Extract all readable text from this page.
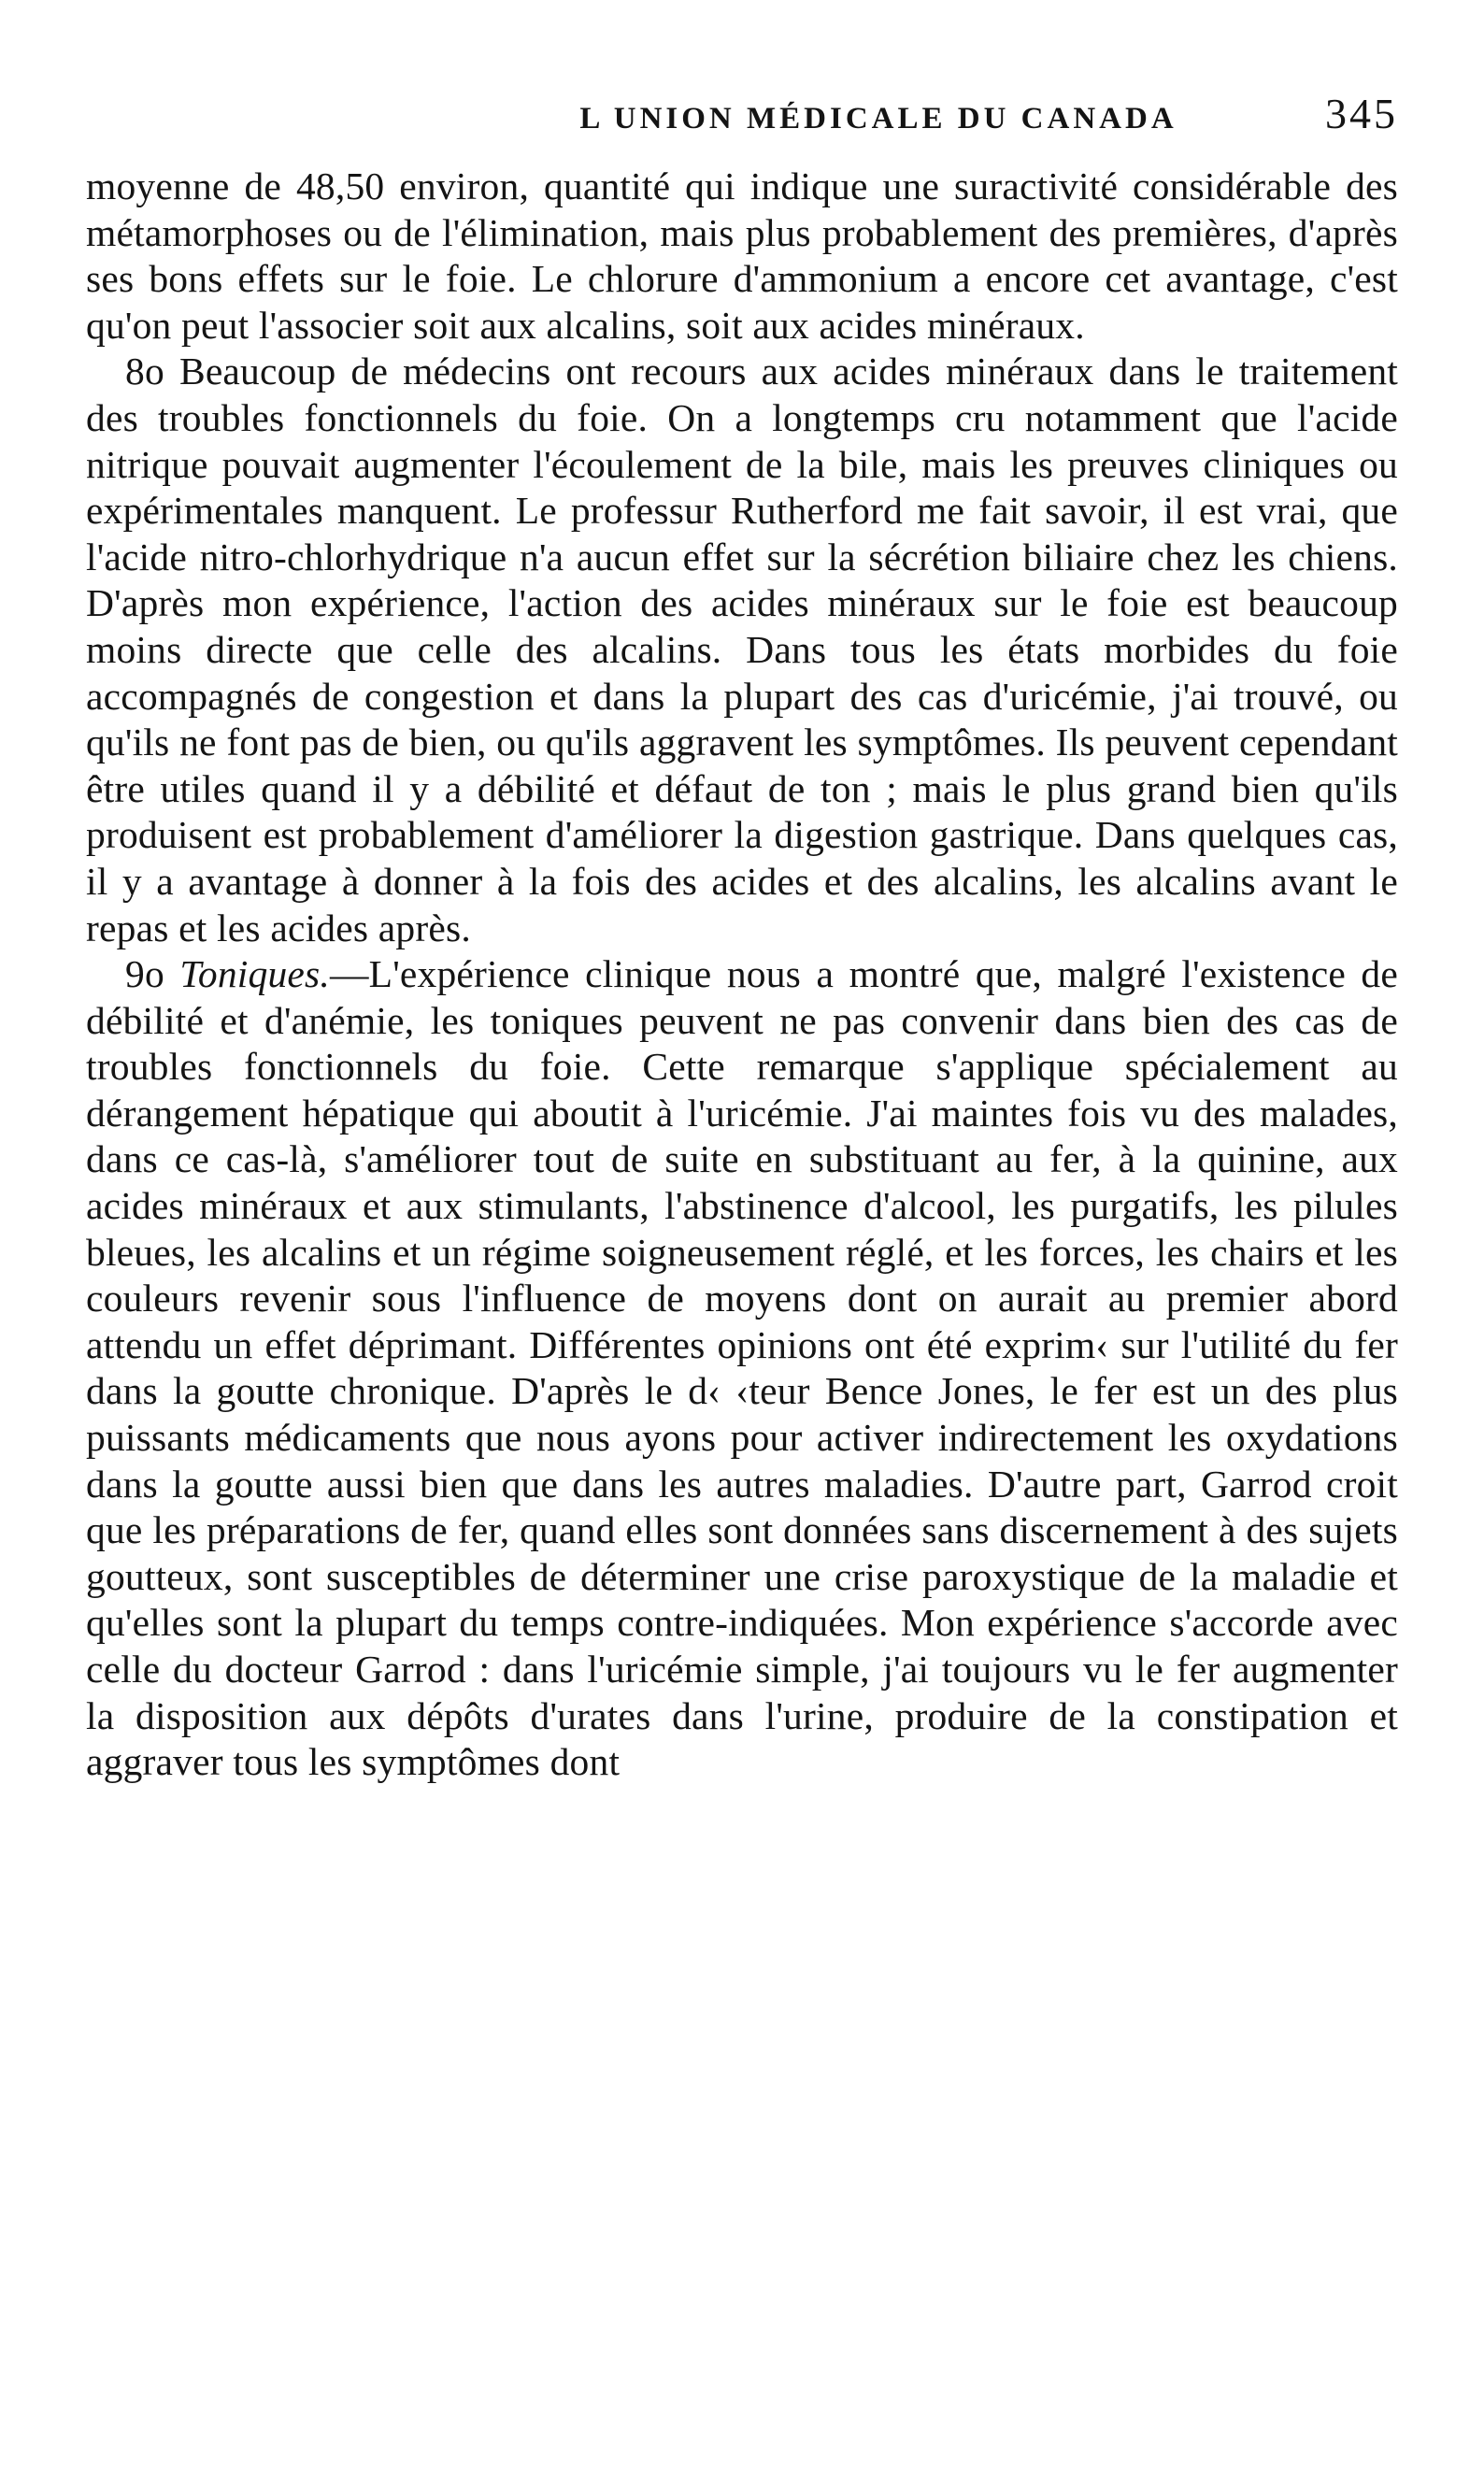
L UNION MÉDICALE DU CANADA	345

moyenne de 48,50 environ, quantité qui indique une suractivité considérable des métamorphoses ou de l'élimination, mais plus probablement des premières, d'après ses bons effets sur le foie. Le chlorure d'ammonium a encore cet avantage, c'est qu'on peut l'associer soit aux alcalins, soit aux acides minéraux.

8o Beaucoup de médecins ont recours aux acides minéraux dans le traitement des troubles fonctionnels du foie. On a longtemps cru notamment que l'acide nitrique pouvait augmenter l'écoulement de la bile, mais les preuves cliniques ou expérimentales manquent. Le professur Rutherford me fait savoir, il est vrai, que l'acide nitro-chlorhydrique n'a aucun effet sur la sécrétion biliaire chez les chiens. D'après mon expérience, l'action des acides minéraux sur le foie est beaucoup moins directe que celle des alcalins. Dans tous les états morbides du foie accompagnés de congestion et dans la plupart des cas d'uricémie, j'ai trouvé, ou qu'ils ne font pas de bien, ou qu'ils aggravent les symptômes. Ils peuvent cependant être utiles quand il y a débilité et défaut de ton ; mais le plus grand bien qu'ils produisent est probablement d'améliorer la digestion gastrique. Dans quelques cas, il y a avantage à donner à la fois des acides et des alcalins, les alcalins avant le repas et les acides après.

9o Toniques.—L'expérience clinique nous a montré que, malgré l'existence de débilité et d'anémie, les toniques peuvent ne pas convenir dans bien des cas de troubles fonctionnels du foie. Cette remarque s'applique spécialement au dérangement hépatique qui aboutit à l'uricémie. J'ai maintes fois vu des malades, dans ce cas-là, s'améliorer tout de suite en substituant au fer, à la quinine, aux acides minéraux et aux stimulants, l'abstinence d'alcool, les purgatifs, les pilules bleues, les alcalins et un régime soigneusement réglé, et les forces, les chairs et les couleurs revenir sous l'influence de moyens dont on aurait au premier abord attendu un effet déprimant. Différentes opinions ont été exprim‹ sur l'utilité du fer dans la goutte chronique. D'après le d‹ ‹teur Bence Jones, le fer est un des plus puissants médicaments que nous ayons pour activer indirectement les oxydations dans la goutte aussi bien que dans les autres maladies. D'autre part, Garrod croit que les préparations de fer, quand elles sont données sans discernement à des sujets goutteux, sont susceptibles de déterminer une crise paroxystique de la maladie et qu'elles sont la plupart du temps contre-indiquées. Mon expérience s'accorde avec celle du docteur Garrod : dans l'uricémie simple, j'ai toujours vu le fer augmenter la disposition aux dépôts d'urates dans l'urine, produire de la constipation et aggraver tous les symptômes dont
